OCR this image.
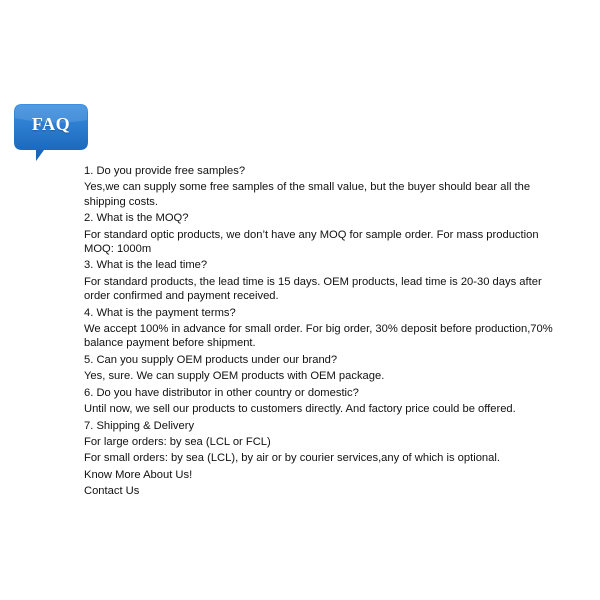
FAQ
1. Do you provide free samples?
Yes,we can supply some free samples of the small value, but the buyer should bear all the shipping costs.
2. What is the MOQ?
For standard optic products, we don’t have any MOQ for sample order. For mass production MOQ: 1000m
3. What is the lead time?
For standard products, the lead time is 15 days. OEM products, lead time is 20-30 days after order confirmed and payment received.
4. What is the payment terms?
We accept 100% in advance for small order. For big order, 30% deposit before production,70% balance payment before shipment.
5. Can you supply OEM products under our brand?
Yes, sure. We can supply OEM products with OEM package.
6. Do you have distributor in other country or domestic?
Until now, we sell our products to customers directly. And factory price could be offered.
7. Shipping & Delivery
For large orders: by sea (LCL or FCL)
For small orders: by sea (LCL), by air or by courier services,any of which is optional.
Know More About Us!
Contact Us
